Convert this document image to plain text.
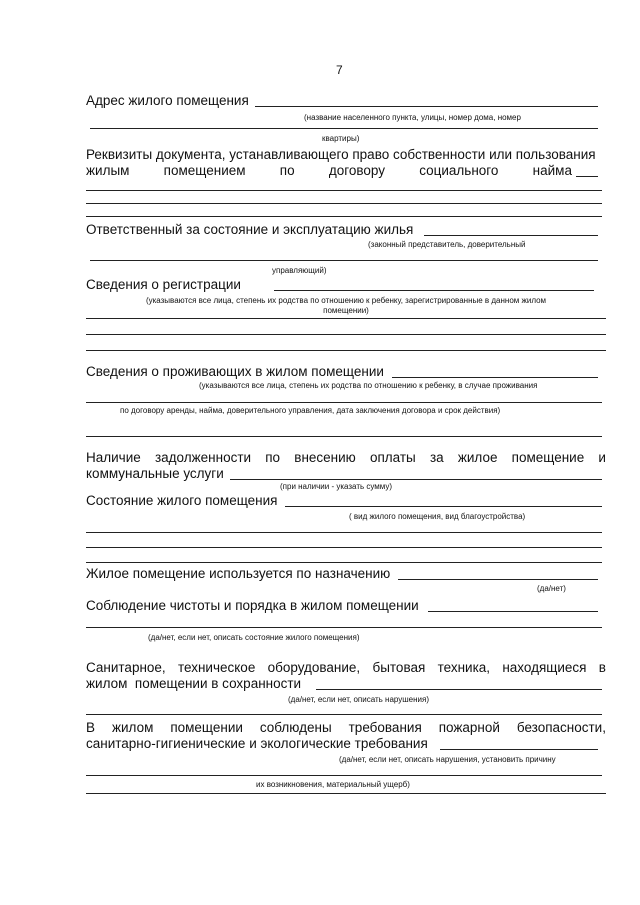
7
Адрес жилого помещения
(название населенного пункта, улицы, номер дома, номер
квартиры)
Реквизиты документа, устанавливающего право собственности или пользования
жилым	помещением	по	договору	социального	найма
Ответственный за состояние и эксплуатацию жилья
(законный представитель, доверительный
управляющий)
Сведения о регистрации
(указываются все лица, степень их родства по отношению к ребенку, зарегистрированные в данном жилом
помещении)
Сведения о проживающих в жилом помещении
(указываются все лица, степень их родства по отношению к ребенку, в случае проживания
по договору аренды, найма, доверительного управления, дата заключения договора и срок действия)
Наличие задолженности по внесению оплаты за жилое помещение и
коммунальные услуги
(при наличии - указать сумму)
Состояние жилого помещения
( вид жилого помещения, вид благоустройства)
Жилое помещение используется по назначению
(да/нет)
Соблюдение чистоты и порядка в жилом помещении
(да/нет, если нет, описать состояние жилого помещения)
Санитарное, техническое оборудование, бытовая техника, находящиеся в
жилом  помещении в сохранности
(да/нет, если нет, описать нарушения)
В жилом помещении соблюдены требования пожарной безопасности,
санитарно-гигиенические и экологические требования
(да/нет, если нет, описать нарушения, установить причину
их возникновения, материальный ущерб)
